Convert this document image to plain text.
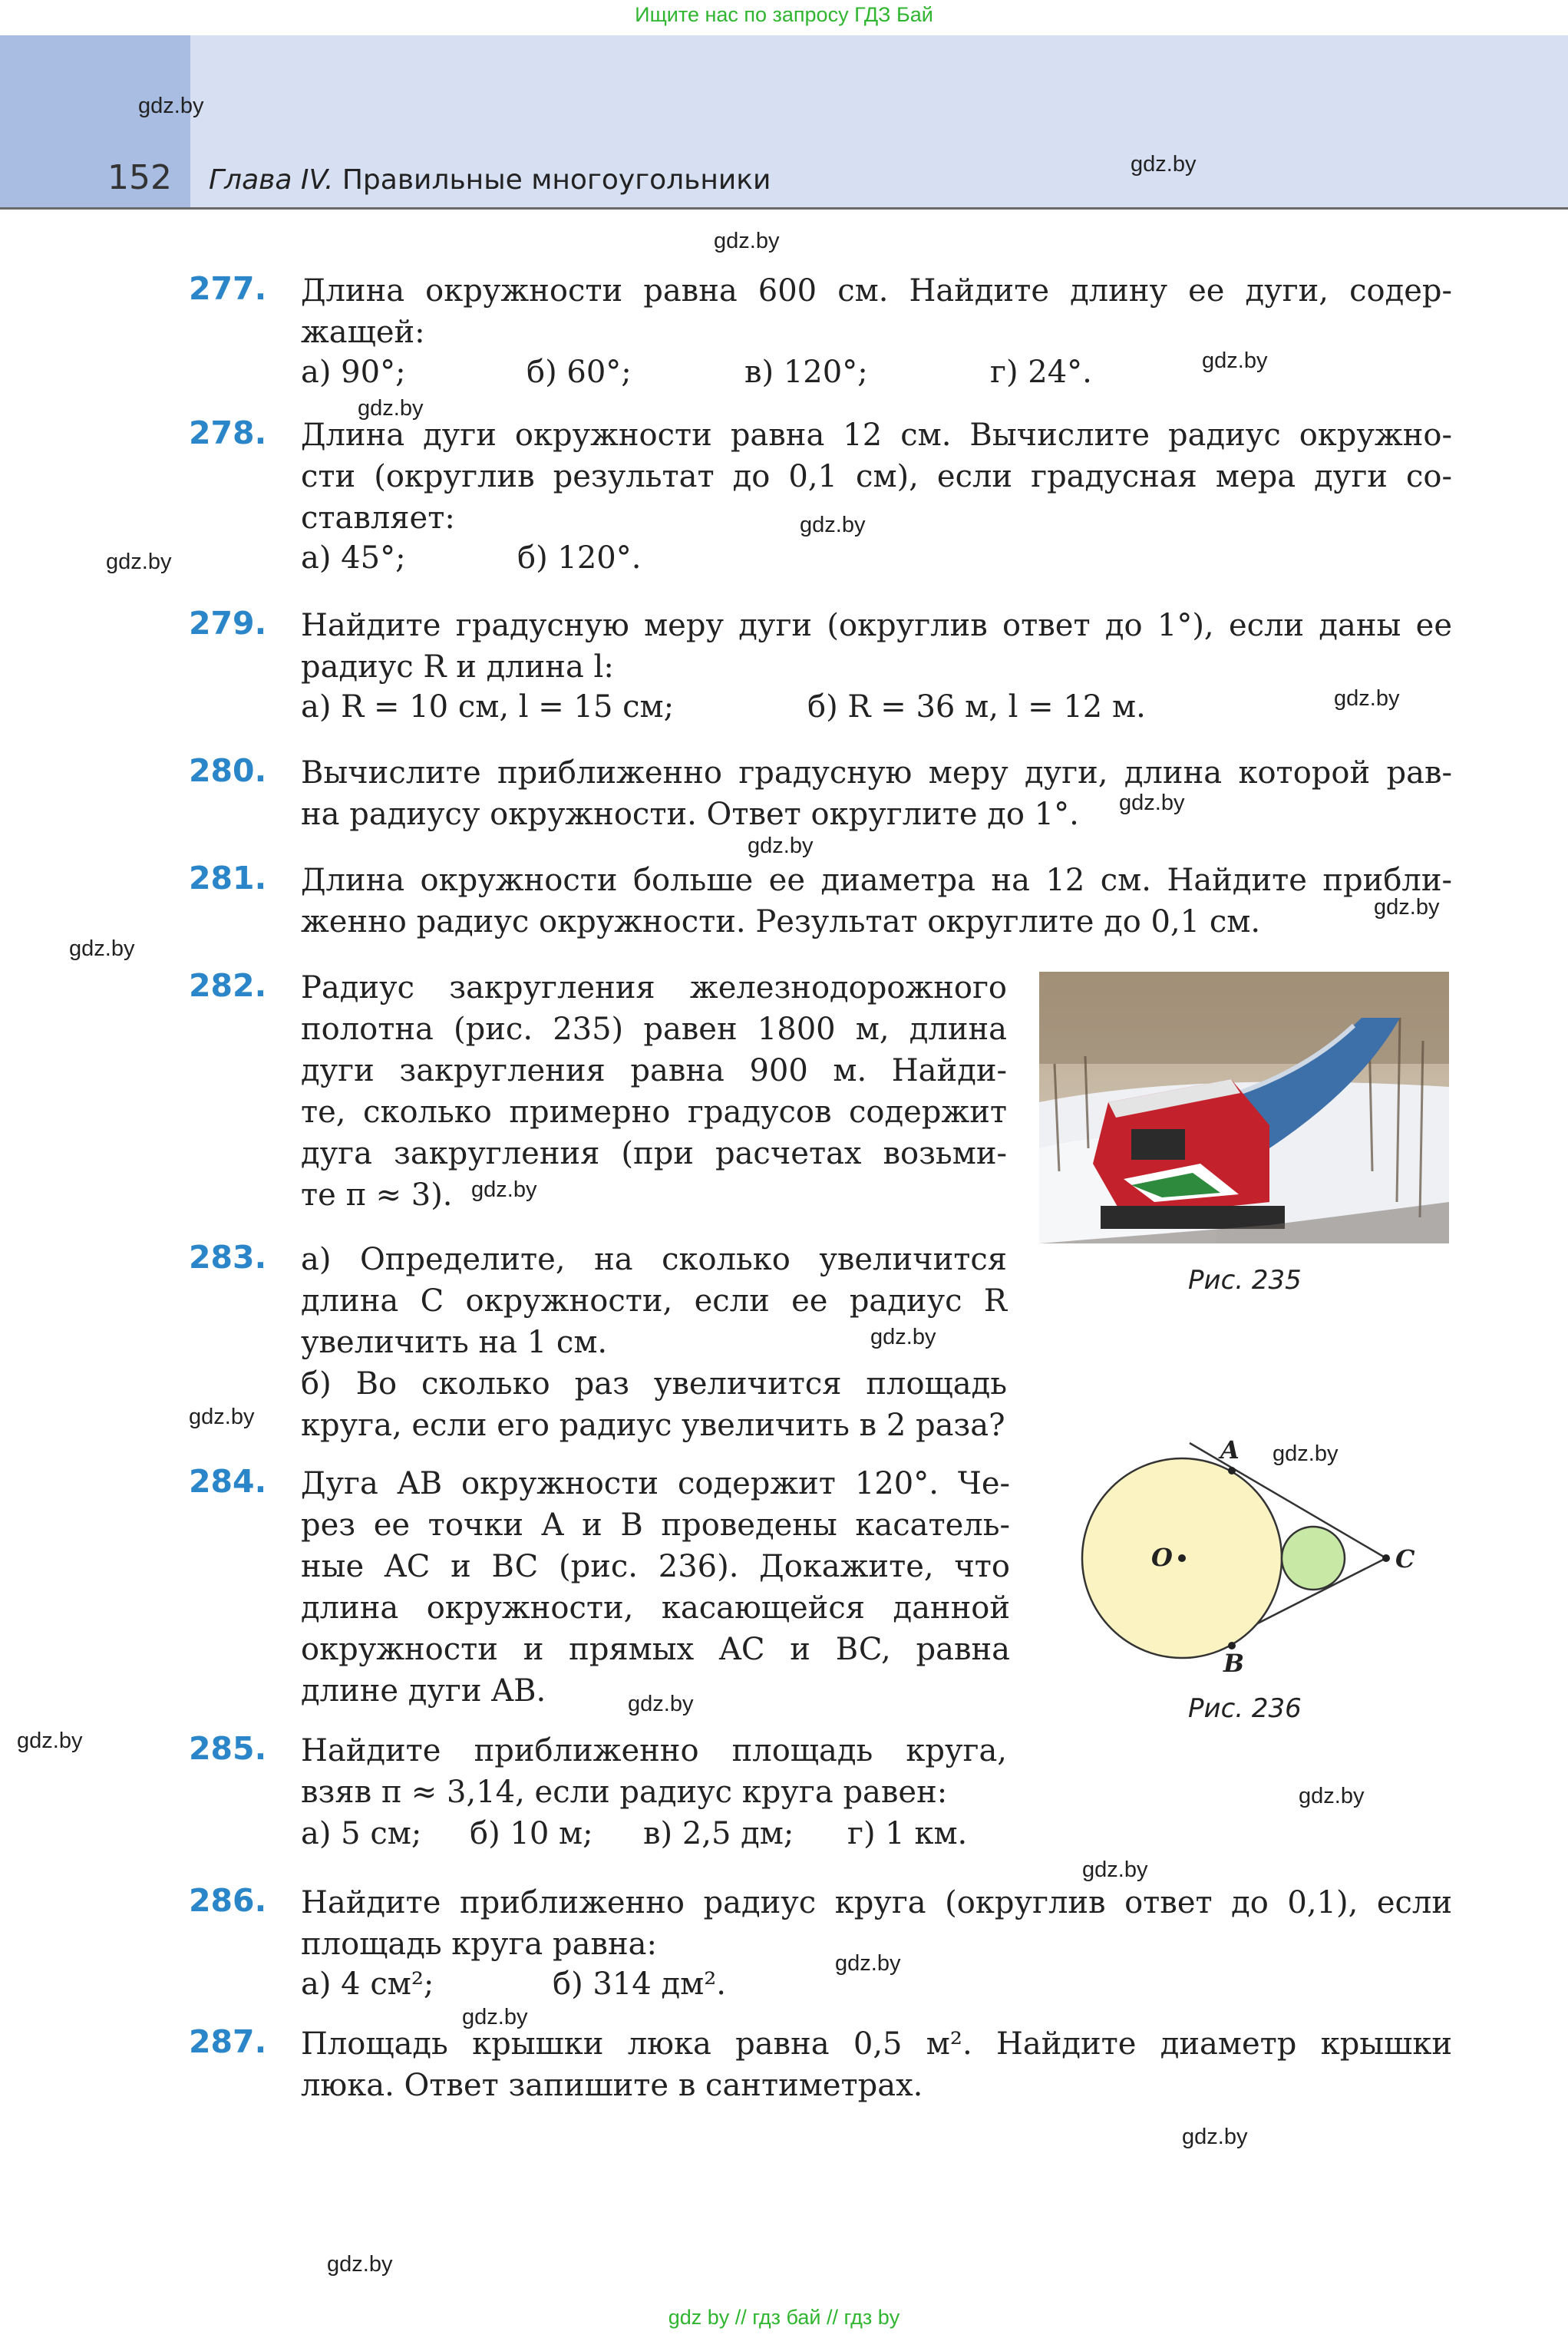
Ищите нас по запросу ГДЗ Бай
152 Глава IV. Правильные многоугольники
gdz.by
gdz.by
gdz.by
gdz.by
gdz.by
gdz.by
gdz.by
gdz.by
gdz.by
gdz.by
gdz.by
gdz.by
gdz.by
gdz.by
gdz.by
gdz.by
gdz.by
gdz.by
gdz.by
gdz.by
gdz.by
gdz.by
gdz.by
gdz.by
277. Длина окружности равна 600 см. Найдите длину ее дуги, содер-
жащей:
а) 90°;	б) 60°;	в) 120°;	г) 24°.
278. Длина дуги окружности равна 12 см. Вычислите радиус окружно-
сти (округлив результат до 0,1 см), если градусная мера дуги со-
ставляет:
а) 45°;	б) 120°.
279. Найдите градусную меру дуги (округлив ответ до 1°), если даны ее
радиус R и длина l:
а) R = 10 см, l = 15 см;	б) R = 36 м, l = 12 м.
280. Вычислите приближенно градусную меру дуги, длина которой рав-
на радиусу окружности. Ответ округлите до 1°.
281. Длина окружности больше ее диаметра на 12 см. Найдите прибли-
женно радиус окружности. Результат округлите до 0,1 см.
282. Радиус закругления железнодорожного
полотна (рис. 235) равен 1800 м, длина
дуги закругления равна 900 м. Найди-
те, сколько примерно градусов содержит
дуга закругления (при расчетах возьми-
те π ≈ 3).
Рис. 235
283. а) Определите, на сколько увеличится
длина C окружности, если ее радиус R
увеличить на 1 см.
б) Во сколько раз увеличится площадь
круга, если его радиус увеличить в 2 раза?
284. Дуга AB окружности содержит 120°. Че-
рез ее точки A и B проведены касатель-
ные AC и BC (рис. 236). Докажите, что
длина окружности, касающейся данной
окружности и прямых AC и BC, равна
длине дуги AB.
A
B
C
O
Рис. 236
285. Найдите приближенно площадь круга,
взяв π ≈ 3,14, если радиус круга равен:
а) 5 см; б) 10 м; в) 2,5 дм; г) 1 км.
286. Найдите приближенно радиус круга (округлив ответ до 0,1), если
площадь круга равна:
а) 4 см²;	б) 314 дм².
287. Площадь крышки люка равна 0,5 м². Найдите диаметр крышки
люка. Ответ запишите в сантиметрах.
gdz by // гдз бай // гдз by
